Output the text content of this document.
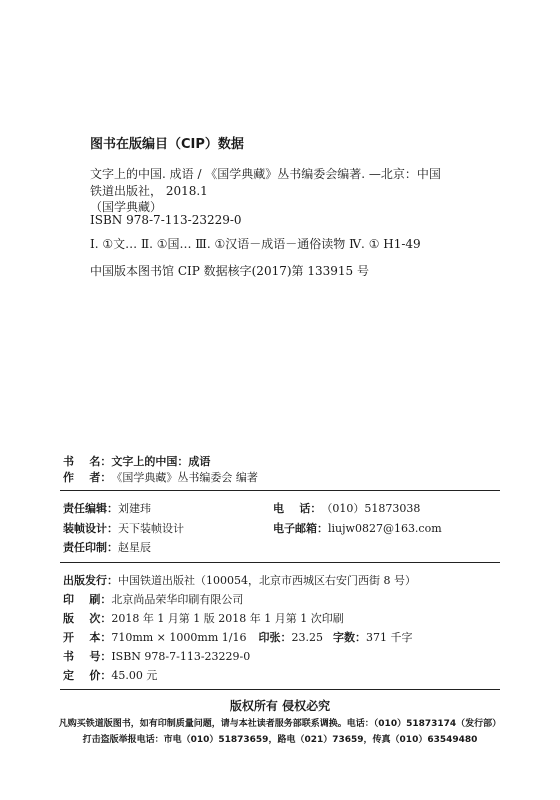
图书在版编目（CIP）数据
文字上的中国. 成语 / 《国学典藏》丛书编委会编著. —北京：中国
铁道出版社， 2018.1
（国学典藏）
ISBN 978-7-113-23229-0
Ⅰ. ①文… Ⅱ. ①国… Ⅲ. ①汉语－成语－通俗读物 Ⅳ. ① H1-49
中国版本图书馆 CIP 数据核字(2017)第 133915 号
书    名：文字上的中国：成语
作    者：《国学典藏》丛书编委会 编著
责任编辑：刘建玮	电    话：（010）51873038
装帧设计：天下装帧设计	电子邮箱：liujw0827@163.com
责任印制：赵星辰
出版发行：中国铁道出版社（100054，北京市西城区右安门西街 8 号）
印    刷：北京尚品荣华印刷有限公司
版    次：2018 年 1 月第 1 版 2018 年 1 月第 1 次印刷
开    本：710mm × 1000mm 1/16 印张：23.25 字数：371 千字
书    号：ISBN 978-7-113-23229-0
定    价：45.00 元
版权所有 侵权必究
凡购买铁道版图书，如有印制质量问题，请与本社读者服务部联系调换。电话：（010）51873174（发行部）
打击盗版举报电话：市电（010）51873659，路电（021）73659，传真（010）63549480
